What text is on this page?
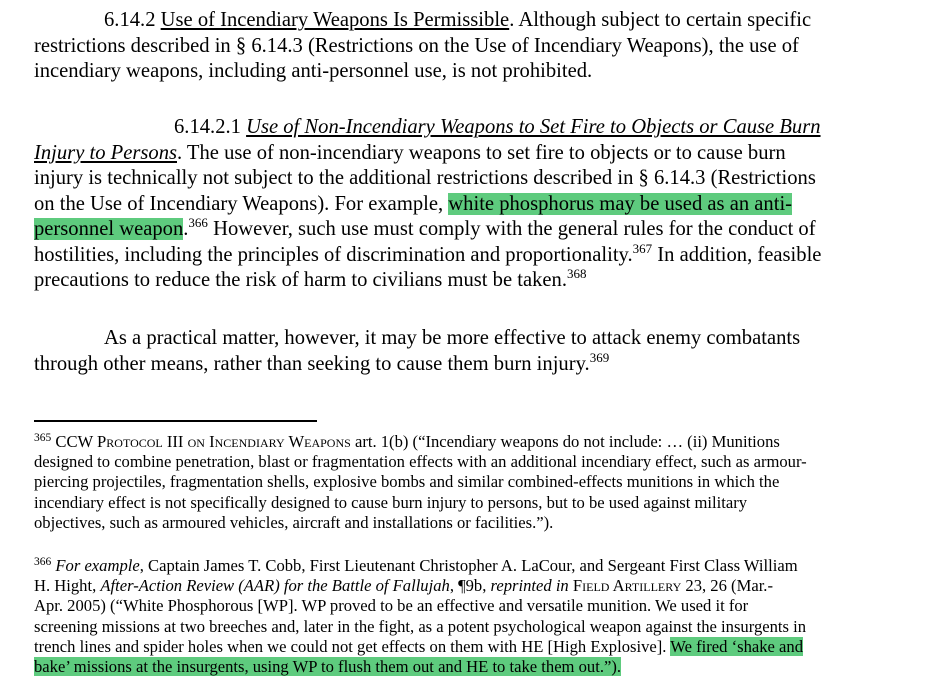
6.14.2 Use of Incendiary Weapons Is Permissible. Although subject to certain specific
restrictions described in § 6.14.3 (Restrictions on the Use of Incendiary Weapons), the use of
incendiary weapons, including anti-personnel use, is not prohibited.
6.14.2.1 Use of Non-Incendiary Weapons to Set Fire to Objects or Cause Burn
Injury to Persons. The use of non-incendiary weapons to set fire to objects or to cause burn
injury is technically not subject to the additional restrictions described in § 6.14.3 (Restrictions
on the Use of Incendiary Weapons). For example, white phosphorus may be used as an anti-
personnel weapon.$^{366}$ However, such use must comply with the general rules for the conduct of
hostilities, including the principles of discrimination and proportionality.$^{367}$ In addition, feasible
precautions to reduce the risk of harm to civilians must be taken.$^{368}$
As a practical matter, however, it may be more effective to attack enemy combatants
through other means, rather than seeking to cause them burn injury.$^{369}$
$^{365}$ CCW Protocol III on Incendiary Weapons art. 1(b) (“Incendiary weapons do not include: … (ii) Munitions
designed to combine penetration, blast or fragmentation effects with an additional incendiary effect, such as armour-
piercing projectiles, fragmentation shells, explosive bombs and similar combined-effects munitions in which the
incendiary effect is not specifically designed to cause burn injury to persons, but to be used against military
objectives, such as armoured vehicles, aircraft and installations or facilities.”).
$^{366}$ For example, Captain James T. Cobb, First Lieutenant Christopher A. LaCour, and Sergeant First Class William
H. Hight, After-Action Review (AAR) for the Battle of Fallujah, ¶9b, reprinted in Field Artillery 23, 26 (Mar.-
Apr. 2005) (“White Phosphorous [WP]. WP proved to be an effective and versatile munition. We used it for
screening missions at two breeches and, later in the fight, as a potent psychological weapon against the insurgents in
trench lines and spider holes when we could not get effects on them with HE [High Explosive]. We fired ‘shake and
bake’ missions at the insurgents, using WP to flush them out and HE to take them out.”).
